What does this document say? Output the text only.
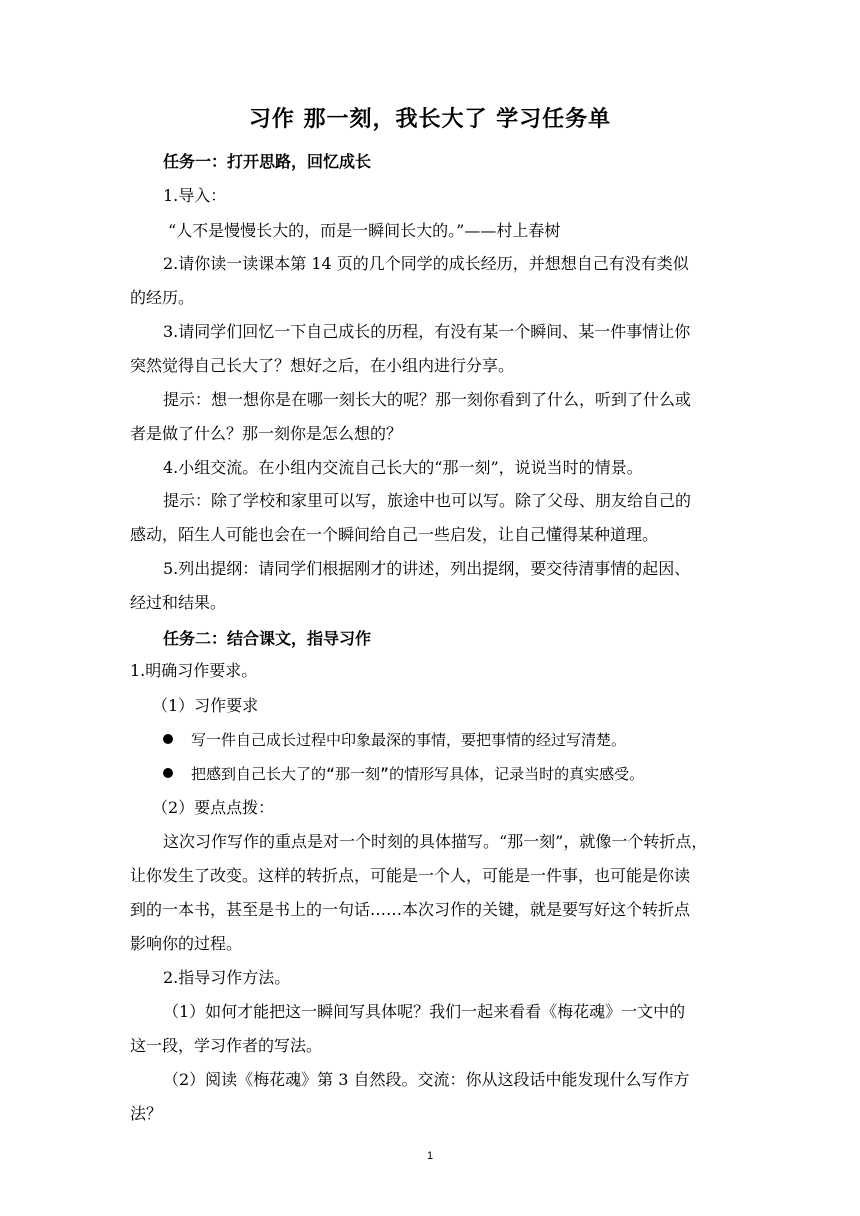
习作 那一刻，我长大了 学习任务单
任务一：打开思路，回忆成长
1.导入：
“人不是慢慢长大的，而是一瞬间长大的。”——村上春树
2.请你读一读课本第 14 页的几个同学的成长经历，并想想自己有没有类似
的经历。
3.请同学们回忆一下自己成长的历程，有没有某一个瞬间、某一件事情让你
突然觉得自己长大了？想好之后，在小组内进行分享。
提示：想一想你是在哪一刻长大的呢？那一刻你看到了什么，听到了什么或
者是做了什么？那一刻你是怎么想的？
4.小组交流。在小组内交流自己长大的“那一刻”，说说当时的情景。
提示：除了学校和家里可以写，旅途中也可以写。除了父母、朋友给自己的
感动，陌生人可能也会在一个瞬间给自己一些启发，让自己懂得某种道理。
5.列出提纲：请同学们根据刚才的讲述，列出提纲，要交待清事情的起因、
经过和结果。
任务二：结合课文，指导习作
1.明确习作要求。
（1）习作要求
写一件自己成长过程中印象最深的事情，要把事情的经过写清楚。
把感到自己长大了的“那一刻”的情形写具体，记录当时的真实感受。
（2）要点点拨：
这次习作写作的重点是对一个时刻的具体描写。“那一刻”，就像一个转折点，
让你发生了改变。这样的转折点，可能是一个人，可能是一件事，也可能是你读
到的一本书，甚至是书上的一句话……本次习作的关键，就是要写好这个转折点
影响你的过程。
2.指导习作方法。
（1）如何才能把这一瞬间写具体呢？我们一起来看看《梅花魂》一文中的
这一段，学习作者的写法。
（2）阅读《梅花魂》第 3 自然段。交流：你从这段话中能发现什么写作方
法？
1
